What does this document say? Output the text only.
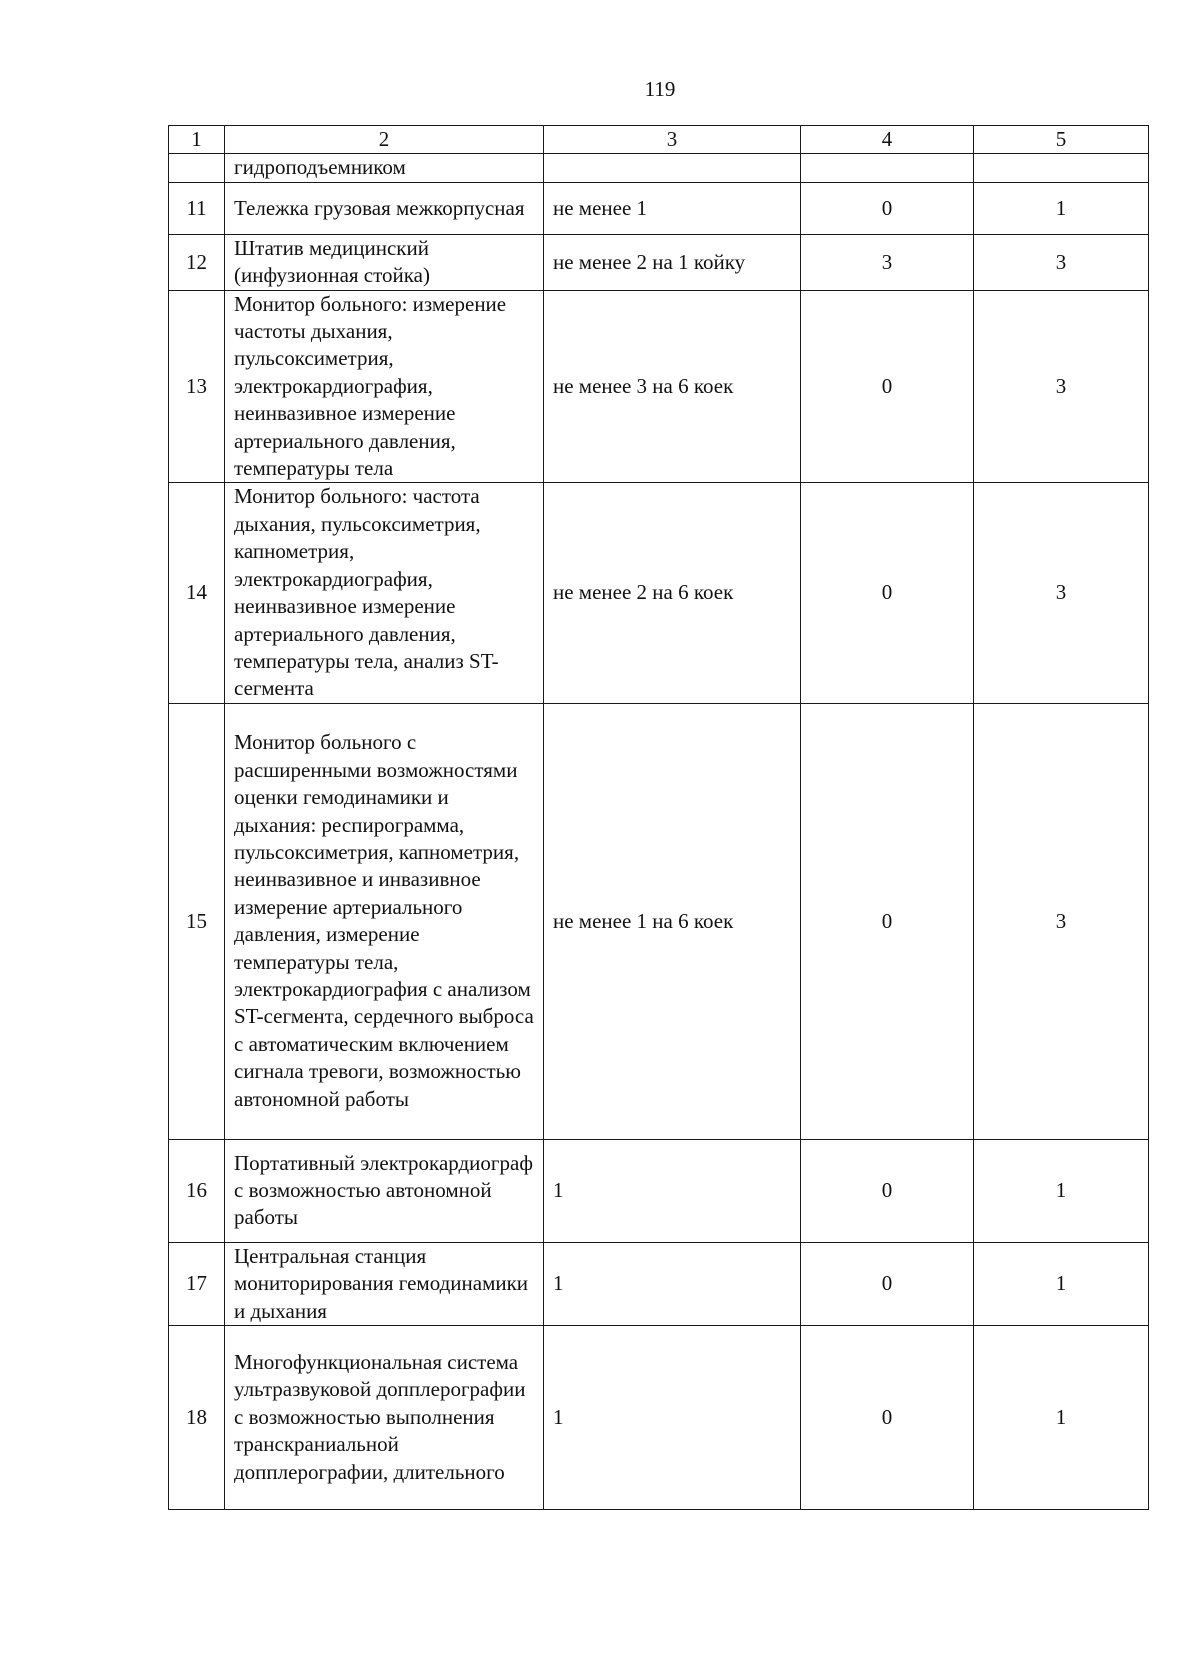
119
1	2	3	4	5
	гидроподъемником			
11	Тележка грузовая межкорпусная	не менее 1	0	1
12	Штатив медицинский (инфузионная стойка)	не менее 2 на 1 койку	3	3
13	Монитор больного: измерение частоты дыхания, пульсоксиметрия, электрокардиография, неинвазивное измерение артериального давления, температуры тела	не менее 3 на 6 коек	0	3
14	Монитор больного: частота дыхания, пульсоксиметрия, капнометрия, электрокардиография, неинвазивное измерение артериального давления, температуры тела, анализ ST-сегмента	не менее 2 на 6 коек	0	3
15	Монитор больного с расширенными возможностями оценки гемодинамики и дыхания: респирограмма, пульсоксиметрия, капнометрия, неинвазивное и инвазивное измерение артериального давления, измерение температуры тела, электрокардиография с анализом ST-сегмента, сердечного выброса с автоматическим включением сигнала тревоги, возможностью автономной работы	не менее 1 на 6 коек	0	3
16	Портативный электрокардиограф с возможностью автономной работы	1	0	1
17	Центральная станция мониторирования гемодинамики и дыхания	1	0	1
18	Многофункциональная система ультразвуковой допплерографии с возможностью выполнения транскраниальной допплерографии, длительного	1	0	1
